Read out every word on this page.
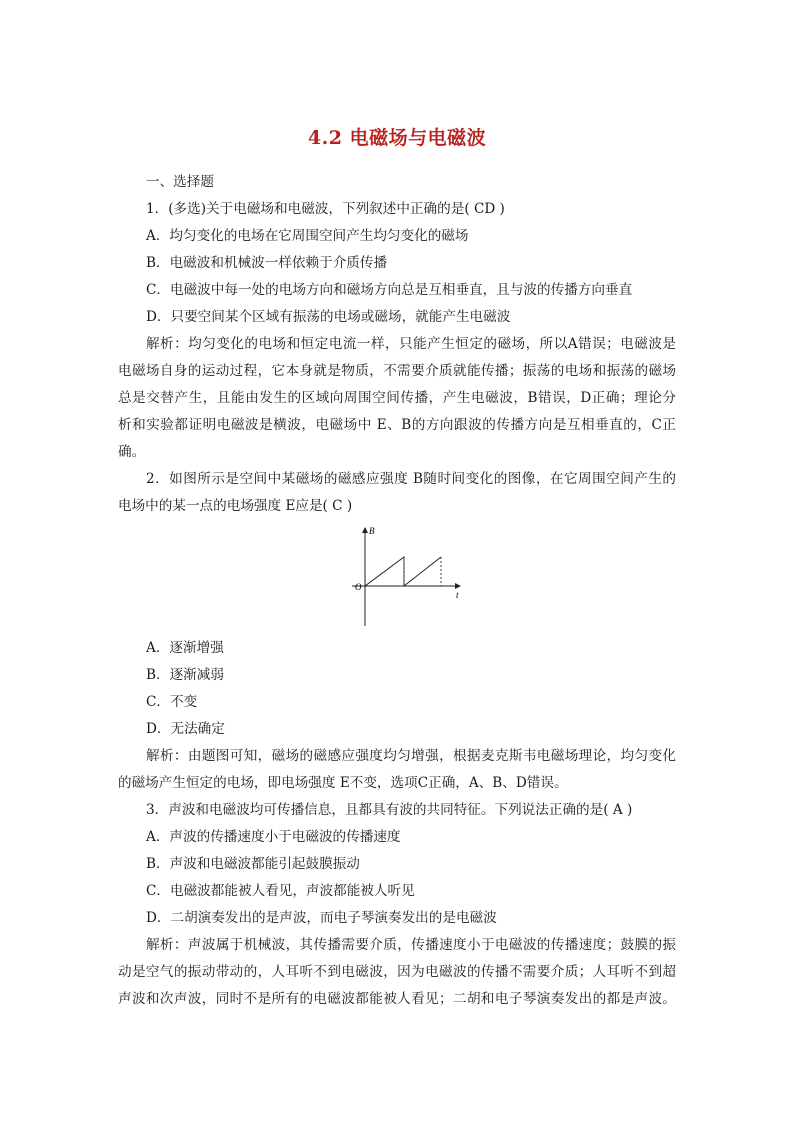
4.2 电磁场与电磁波
一、选择题
1．(多选)关于电磁场和电磁波，下列叙述中正确的是( CD )
A．均匀变化的电场在它周围空间产生均匀变化的磁场
B．电磁波和机械波一样依赖于介质传播
C．电磁波中每一处的电场方向和磁场方向总是互相垂直，且与波的传播方向垂直
D．只要空间某个区域有振荡的电场或磁场，就能产生电磁波
解析：均匀变化的电场和恒定电流一样，只能产生恒定的磁场，所以A错误；电磁波是
电磁场自身的运动过程，它本身就是物质，不需要介质就能传播；振荡的电场和振荡的磁场
总是交替产生，且能由发生的区域向周围空间传播，产生电磁波，B错误，D正确；理论分
析和实验都证明电磁波是横波，电磁场中 E、B的方向跟波的传播方向是互相垂直的，C正
确。
2．如图所示是空间中某磁场的磁感应强度 B随时间变化的图像，在它周围空间产生的
电场中的某一点的电场强度 E应是( C )
B
t
O
A．逐渐增强
B．逐渐减弱
C．不变
D．无法确定
解析：由题图可知，磁场的磁感应强度均匀增强，根据麦克斯韦电磁场理论，均匀变化
的磁场产生恒定的电场，即电场强度 E不变，选项C正确，A、B、D错误。
3．声波和电磁波均可传播信息，且都具有波的共同特征。下列说法正确的是( A )
A．声波的传播速度小于电磁波的传播速度
B．声波和电磁波都能引起鼓膜振动
C．电磁波都能被人看见，声波都能被人听见
D．二胡演奏发出的是声波，而电子琴演奏发出的是电磁波
解析：声波属于机械波，其传播需要介质，传播速度小于电磁波的传播速度；鼓膜的振
动是空气的振动带动的，人耳听不到电磁波，因为电磁波的传播不需要介质；人耳听不到超
声波和次声波，同时不是所有的电磁波都能被人看见；二胡和电子琴演奏发出的都是声波。
